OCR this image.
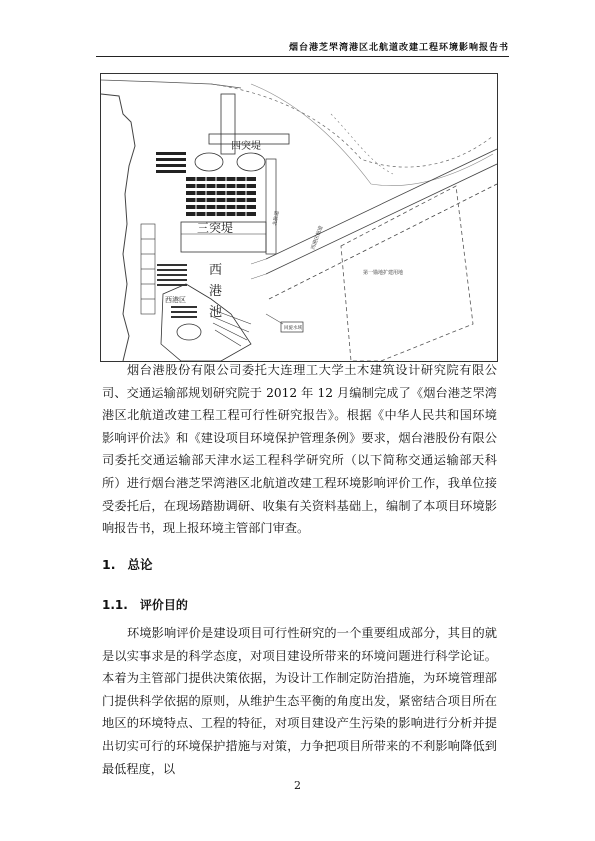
烟台港芝罘湾港区北航道改建工程环境影响报告书
四突堤
三突堤
西
港
池
西港区
北航道
西港区航道
第一锚地扩建用地
回旋水域

烟台港股份有限公司委托大连理工大学土木建筑设计研究院有限公司、交通运输部规划研究院于 2012 年 12 月编制完成了《烟台港芝罘湾港区北航道改建工程工程可行性研究报告》。根据《中华人民共和国环境影响评价法》和《建设项目环境保护管理条例》要求，烟台港股份有限公司委托交通运输部天津水运工程科学研究所（以下简称交通运输部天科所）进行烟台港芝罘湾港区北航道改建工程环境影响评价工作，我单位接受委托后，在现场踏勘调研、收集有关资料基础上，编制了本项目环境影响报告书，现上报环境主管部门审查。

1. 总论
1.1. 评价目的

环境影响评价是建设项目可行性研究的一个重要组成部分，其目的就是以实事求是的科学态度，对项目建设所带来的环境问题进行科学论证。本着为主管部门提供决策依据，为设计工作制定防治措施，为环境管理部门提供科学依据的原则，从维护生态平衡的角度出发，紧密结合项目所在地区的环境特点、工程的特征，对项目建设产生污染的影响进行分析并提出切实可行的环境保护措施与对策，力争把项目所带来的不利影响降低到最低程度，以

2
